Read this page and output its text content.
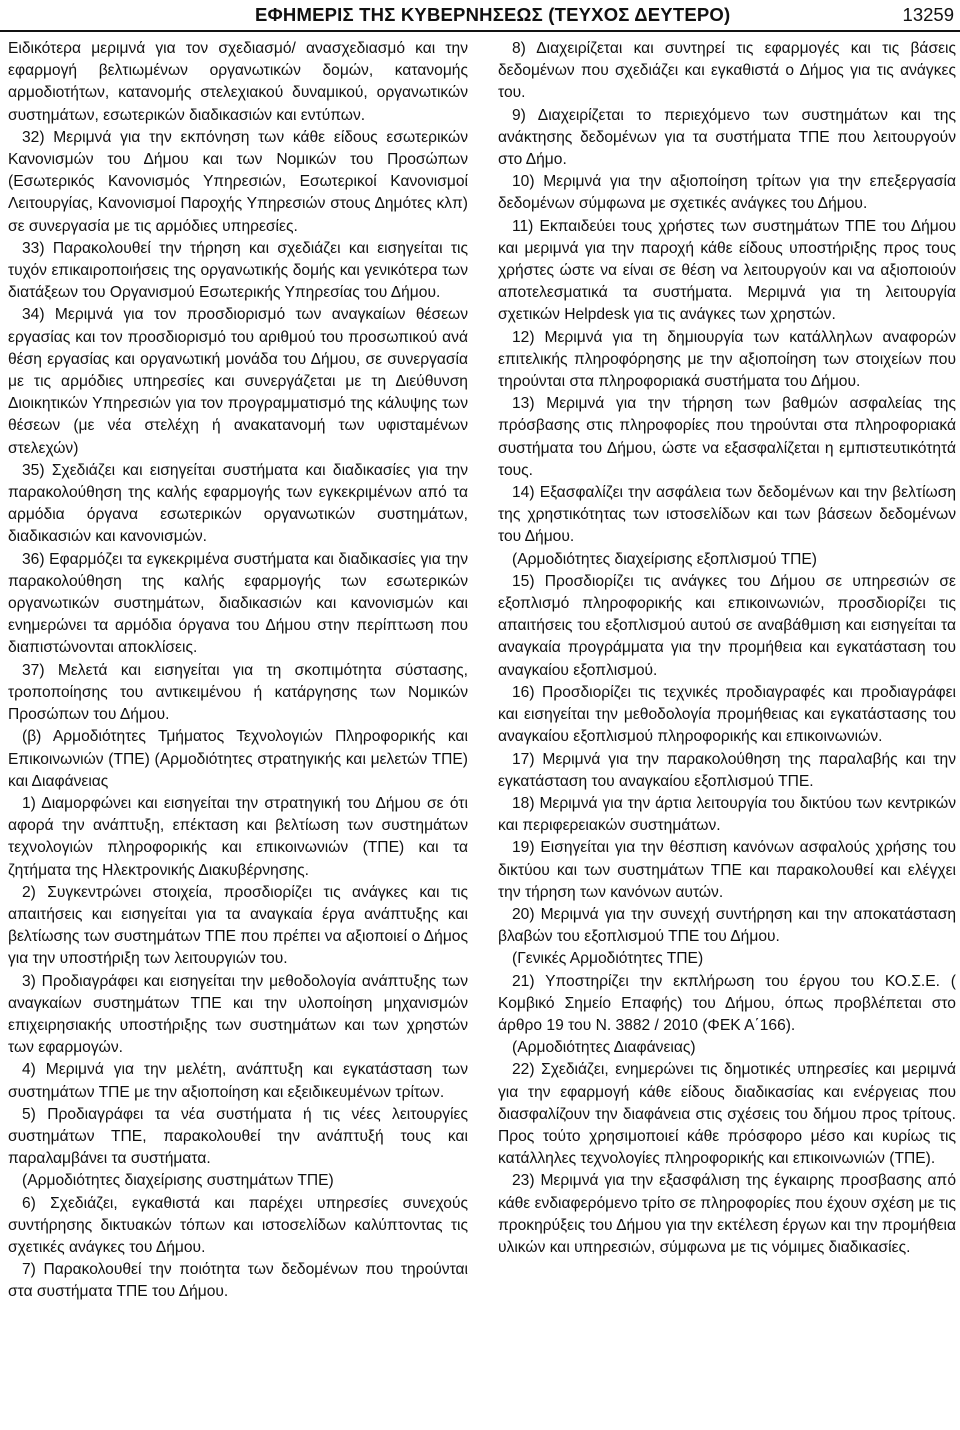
ΕΦΗΜΕΡΙΣ ΤΗΣ ΚΥΒΕΡΝΗΣΕΩΣ (ΤΕΥΧΟΣ ΔΕΥΤΕΡΟ)	13259

Ειδικότερα μεριμνά για τον σχεδιασμό/ ανασχεδιασμό και την εφαρμογή βελτιωμένων οργανωτικών δομών, κατανομής αρμοδιοτήτων, κατανομής στελεχιακού δυναμικού, οργανωτικών συστημάτων, εσωτερικών διαδικασιών και εντύπων.

32) Μεριμνά για την εκπόνηση των κάθε είδους εσωτερικών Κανονισμών του Δήμου και των Νομικών του Προσώπων (Εσωτερικός Κανονισμός Υπηρεσιών, Εσωτερικοί Κανονισμοί Λειτουργίας, Κανονισμοί Παροχής Υπηρεσιών στους Δημότες κλπ) σε συνεργασία με τις αρμόδιες υπηρεσίες.

33) Παρακολουθεί την τήρηση και σχεδιάζει και εισηγείται τις τυχόν επικαιροποιήσεις της οργανωτικής δομής και γενικότερα των διατάξεων του Οργανισμού Εσωτερικής Υπηρεσίας του Δήμου.

34) Μεριμνά για τον προσδιορισμό των αναγκαίων θέσεων εργασίας και τον προσδιορισμό του αριθμού του προσωπικού ανά θέση εργασίας και οργανωτική μονάδα του Δήμου, σε συνεργασία με τις αρμόδιες υπηρεσίες και συνεργάζεται με τη Διεύθυνση Διοικητικών Υπηρεσιών για τον προγραμματισμό της κάλυψης των θέσεων (με νέα στελέχη ή ανακατανομή των υφισταμένων στελεχών)

35) Σχεδιάζει και εισηγείται συστήματα και διαδικασίες για την παρακολούθηση της καλής εφαρμογής των εγκεκριμένων από τα αρμόδια όργανα εσωτερικών οργανωτικών συστημάτων, διαδικασιών και κανονισμών.

36) Εφαρμόζει τα εγκεκριμένα συστήματα και διαδικασίες για την παρακολούθηση της καλής εφαρμογής των εσωτερικών οργανωτικών συστημάτων, διαδικασιών και κανονισμών και ενημερώνει τα αρμόδια όργανα του Δήμου στην περίπτωση που διαπιστώνονται αποκλίσεις.

37) Μελετά και εισηγείται για τη σκοπιμότητα σύστασης, τροποποίησης του αντικειμένου ή κατάργησης των Νομικών Προσώπων του Δήμου.

(β) Αρμοδιότητες Τμήματος Τεχνολογιών Πληροφορικής και Επικοινωνιών (ΤΠΕ) (Αρμοδιότητες στρατηγικής και μελετών ΤΠΕ) και Διαφάνειας

1) Διαμορφώνει και εισηγείται την στρατηγική του Δήμου σε ότι αφορά την ανάπτυξη, επέκταση και βελτίωση των συστημάτων τεχνολογιών πληροφορικής και επικοινωνιών (ΤΠΕ) και τα ζητήματα της Ηλεκτρονικής Διακυβέρνησης.

2) Συγκεντρώνει στοιχεία, προσδιορίζει τις ανάγκες και τις απαιτήσεις και εισηγείται για τα αναγκαία έργα ανάπτυξης και βελτίωσης των συστημάτων ΤΠΕ που πρέπει να αξιοποιεί ο Δήμος για την υποστήριξη των λειτουργιών του.

3) Προδιαγράφει και εισηγείται την μεθοδολογία ανάπτυξης των αναγκαίων συστημάτων ΤΠΕ και την υλοποίηση μηχανισμών επιχειρησιακής υποστήριξης των συστημάτων και των χρηστών των εφαρμογών.

4) Μεριμνά για την μελέτη, ανάπτυξη και εγκατάσταση των συστημάτων ΤΠΕ με την αξιοποίηση και εξειδικευμένων τρίτων.

5) Προδιαγράφει τα νέα συστήματα ή τις νέες λειτουργίες συστημάτων ΤΠΕ, παρακολουθεί την ανάπτυξή τους και παραλαμβάνει τα συστήματα.

(Αρμοδιότητες διαχείρισης συστημάτων ΤΠΕ)

6) Σχεδιάζει, εγκαθιστά και παρέχει υπηρεσίες συνεχούς συντήρησης δικτυακών τόπων και ιστοσελίδων καλύπτοντας τις σχετικές ανάγκες του Δήμου.

7) Παρακολουθεί την ποιότητα των δεδομένων που τηρούνται στα συστήματα ΤΠΕ του Δήμου.

8) Διαχειρίζεται και συντηρεί τις εφαρμογές και τις βάσεις δεδομένων που σχεδιάζει και εγκαθιστά ο Δήμος για τις ανάγκες του.

9) Διαχειρίζεται το περιεχόμενο των συστημάτων και της ανάκτησης δεδομένων για τα συστήματα ΤΠΕ που λειτουργούν στο Δήμο.

10) Μεριμνά για την αξιοποίηση τρίτων για την επεξεργασία δεδομένων σύμφωνα με σχετικές ανάγκες του Δήμου.

11) Εκπαιδεύει τους χρήστες των συστημάτων ΤΠΕ του Δήμου και μεριμνά για την παροχή κάθε είδους υποστήριξης προς τους χρήστες ώστε να είναι σε θέση να λειτουργούν και να αξιοποιούν αποτελεσματικά τα συστήματα. Μεριμνά για τη λειτουργία σχετικών Helpdesk για τις ανάγκες των χρηστών.

12) Μεριμνά για τη δημιουργία των κατάλληλων αναφορών επιτελικής πληροφόρησης με την αξιοποίηση των στοιχείων που τηρούνται στα πληροφοριακά συστήματα του Δήμου.

13) Μεριμνά για την τήρηση των βαθμών ασφαλείας της πρόσβασης στις πληροφορίες που τηρούνται στα πληροφοριακά συστήματα του Δήμου, ώστε να εξασφαλίζεται η εμπιστευτικότητά τους.

14) Εξασφαλίζει την ασφάλεια των δεδομένων και την βελτίωση της χρηστικότητας των ιστοσελίδων και των βάσεων δεδομένων του Δήμου.

(Αρμοδιότητες διαχείρισης εξοπλισμού ΤΠΕ)

15) Προσδιορίζει τις ανάγκες του Δήμου σε υπηρεσιών σε εξοπλισμό πληροφορικής και επικοινωνιών, προσδιορίζει τις απαιτήσεις του εξοπλισμού αυτού σε αναβάθμιση και εισηγείται τα αναγκαία προγράμματα για την προμήθεια και εγκατάσταση του αναγκαίου εξοπλισμού.

16) Προσδιορίζει τις τεχνικές προδιαγραφές και προδιαγράφει και εισηγείται την μεθοδολογία προμήθειας και εγκατάστασης του αναγκαίου εξοπλισμού πληροφορικής και επικοινωνιών.

17) Μεριμνά για την παρακολούθηση της παραλαβής και την εγκατάσταση του αναγκαίου εξοπλισμού ΤΠΕ.

18) Μεριμνά για την άρτια λειτουργία του δικτύου των κεντρικών και περιφερειακών συστημάτων.

19) Εισηγείται για την θέσπιση κανόνων ασφαλούς χρήσης του δικτύου και των συστημάτων ΤΠΕ και παρακολουθεί και ελέγχει την τήρηση των κανόνων αυτών.

20) Μεριμνά για την συνεχή συντήρηση και την αποκατάσταση βλαβών του εξοπλισμού ΤΠΕ του Δήμου.

(Γενικές Αρμοδιότητες ΤΠΕ)

21) Υποστηρίζει την εκπλήρωση του έργου του ΚΟ.Σ.Ε. ( Κομβικό Σημείο Επαφής) του Δήμου, όπως προβλέπεται στο άρθρο 19 του Ν. 3882 / 2010 (ΦΕΚ Α΄166).

(Αρμοδιότητες Διαφάνειας)

22) Σχεδιάζει, ενημερώνει τις δημοτικές υπηρεσίες και μεριμνά για την εφαρμογή κάθε είδους διαδικασίας και ενέργειας που διασφαλίζουν την διαφάνεια στις σχέσεις του δήμου προς τρίτους. Προς τούτο χρησιμοποιεί κάθε πρόσφορο μέσο και κυρίως τις κατάλληλες τεχνολογίες πληροφορικής και επικοινωνιών (ΤΠΕ).

23) Μεριμνά για την εξασφάλιση της έγκαιρης προσβασης από κάθε ενδιαφερόμενο τρίτο σε πληροφορίες που έχουν σχέση με τις προκηρύξεις του Δήμου για την εκτέλεση έργων και την προμήθεια υλικών και υπηρεσιών, σύμφωνα με τις νόμιμες διαδικασίες.
